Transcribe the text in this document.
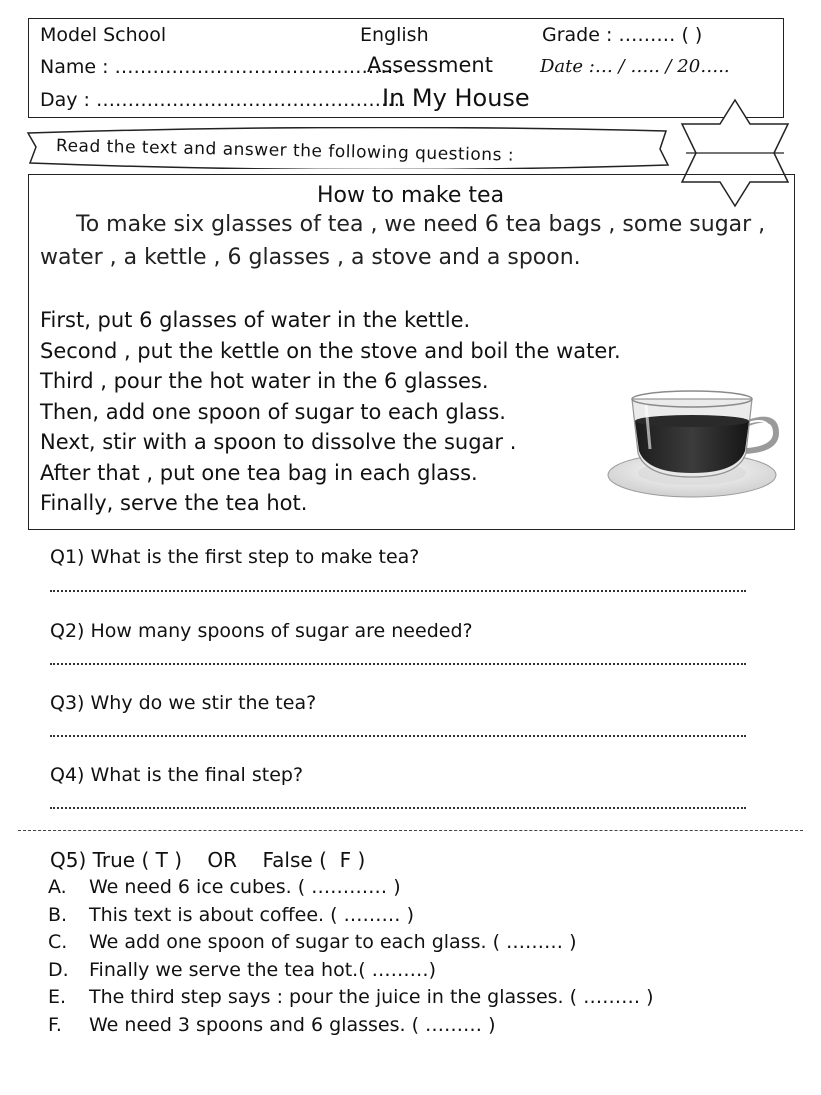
Model School	English	Grade : ……… ( )
Name : ………………………………………
Assessment	Date :… / ….. / 20…..
Day : ………………………………………….
In My House
Read the text and answer the following questions :
How to make tea
To make six glasses of tea , we need 6 tea bags , some sugar , water , a kettle , 6 glasses , a stove and a spoon.
First, put 6 glasses of water in the kettle.
Second , put the kettle on the stove and boil the water.
Third , pour the hot water in the 6 glasses.
Then, add one spoon of sugar to each glass.
Next, stir with a spoon to dissolve the sugar .
After that , put one tea bag in each glass.
Finally, serve the tea hot.
Q1) What is the first step to make tea?
Q2) How many spoons of sugar are needed?
Q3) Why do we stir the tea?
Q4) What is the final step?
Q5) True ( T )    OR    False (  F )
A. We need 6 ice cubes. ( ………… )
B. This text is about coffee. ( ……… )
C. We add one spoon of sugar to each glass. ( ……… )
D. Finally we serve the tea hot.( ………)
E. The third step says : pour the juice in the glasses. ( ……… )
F. We need 3 spoons and 6 glasses. ( ……… )
